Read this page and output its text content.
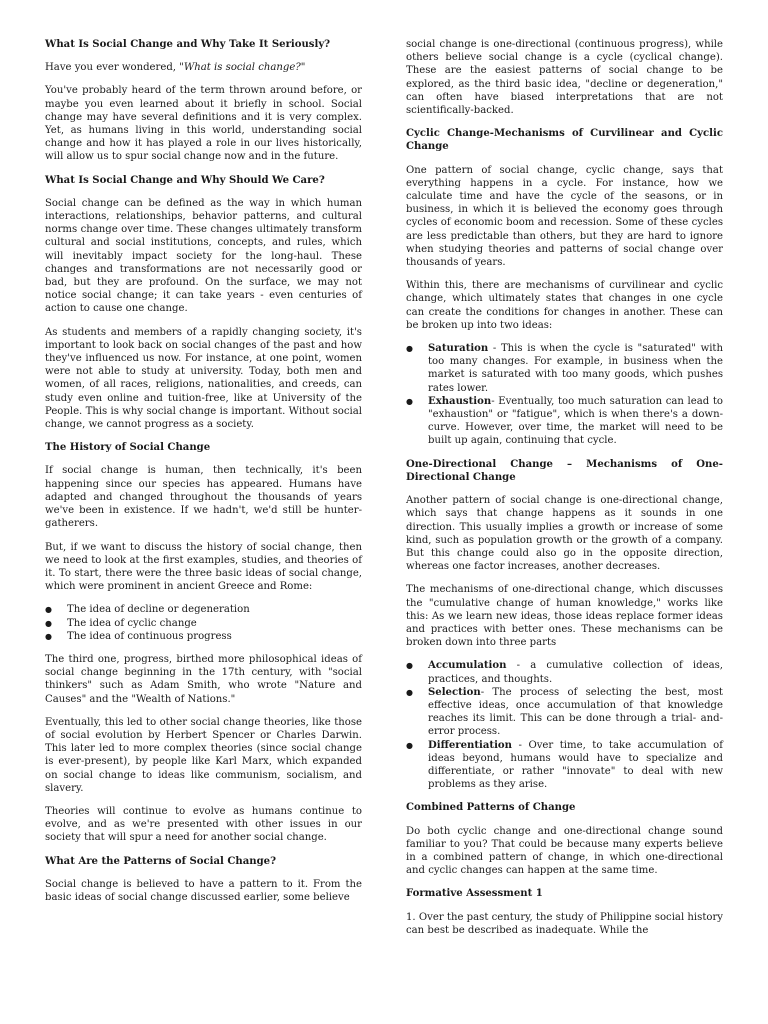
What Is Social Change and Why Take It Seriously?

Have you ever wondered, "What is social change?"

You've probably heard of the term thrown around before, or maybe you even learned about it briefly in school. Social change may have several definitions and it is very complex. Yet, as humans living in this world, understanding social change and how it has played a role in our lives historically, will allow us to spur social change now and in the future.

What Is Social Change and Why Should We Care?

Social change can be defined as the way in which human interactions, relationships, behavior patterns, and cultural norms change over time. These changes ultimately transform cultural and social institutions, concepts, and rules, which will inevitably impact society for the long-haul. These changes and transformations are not necessarily good or bad, but they are profound. On the surface, we may not notice social change; it can take years - even centuries of action to cause one change.

As students and members of a rapidly changing society, it's important to look back on social changes of the past and how they've influenced us now. For instance, at one point, women were not able to study at university. Today, both men and women, of all races, religions, nationalities, and creeds, can study even online and tuition-free, like at University of the People. This is why social change is important. Without social change, we cannot progress as a society.

The History of Social Change

If social change is human, then technically, it's been happening since our species has appeared. Humans have adapted and changed throughout the thousands of years we've been in existence. If we hadn't, we'd still be hunter-gatherers.

But, if we want to discuss the history of social change, then we need to look at the first examples, studies, and theories of it. To start, there were the three basic ideas of social change, which were prominent in ancient Greece and Rome:

● The idea of decline or degeneration
● The idea of cyclic change
● The idea of continuous progress

The third one, progress, birthed more philosophical ideas of social change beginning in the 17th century, with "social thinkers" such as Adam Smith, who wrote "Nature and Causes" and the "Wealth of Nations."

Eventually, this led to other social change theories, like those of social evolution by Herbert Spencer or Charles Darwin. This later led to more complex theories (since social change is ever-present), by people like Karl Marx, which expanded on social change to ideas like communism, socialism, and slavery.

Theories will continue to evolve as humans continue to evolve, and as we're presented with other issues in our society that will spur a need for another social change.

What Are the Patterns of Social Change?

Social change is believed to have a pattern to it. From the basic ideas of social change discussed earlier, some believe

social change is one-directional (continuous progress), while others believe social change is a cycle (cyclical change). These are the easiest patterns of social change to be explored, as the third basic idea, "decline or degeneration," can often have biased interpretations that are not scientifically-backed.

Cyclic Change-Mechanisms of Curvilinear and Cyclic Change

One pattern of social change, cyclic change, says that everything happens in a cycle. For instance, how we calculate time and have the cycle of the seasons, or in business, in which it is believed the economy goes through cycles of economic boom and recession. Some of these cycles are less predictable than others, but they are hard to ignore when studying theories and patterns of social change over thousands of years.

Within this, there are mechanisms of curvilinear and cyclic change, which ultimately states that changes in one cycle can create the conditions for changes in another. These can be broken up into two ideas:

● Saturation - This is when the cycle is "saturated" with too many changes. For example, in business when the market is saturated with too many goods, which pushes rates lower.
● Exhaustion- Eventually, too much saturation can lead to "exhaustion" or "fatigue", which is when there's a down-curve. However, over time, the market will need to be built up again, continuing that cycle.
One-Directional Change – Mechanisms of One-Directional Change

Another pattern of social change is one-directional change, which says that change happens as it sounds in one direction. This usually implies a growth or increase of some kind, such as population growth or the growth of a company. But this change could also go in the opposite direction, whereas one factor increases, another decreases.

The mechanisms of one-directional change, which discusses the "cumulative change of human knowledge," works like this: As we learn new ideas, those ideas replace former ideas and practices with better ones. These mechanisms can be broken down into three parts

● Accumulation - a cumulative collection of ideas, practices, and thoughts.
● Selection- The process of selecting the best, most effective ideas, once accumulation of that knowledge reaches its limit. This can be done through a trial- and-error process.
● Differentiation - Over time, to take accumulation of ideas beyond, humans would have to specialize and differentiate, or rather "innovate" to deal with new problems as they arise.
Combined Patterns of Change

Do both cyclic change and one-directional change sound familiar to you? That could be because many experts believe in a combined pattern of change, in which one-directional and cyclic changes can happen at the same time.

Formative Assessment 1

1. Over the past century, the study of Philippine social history can best be described as inadequate. While the
